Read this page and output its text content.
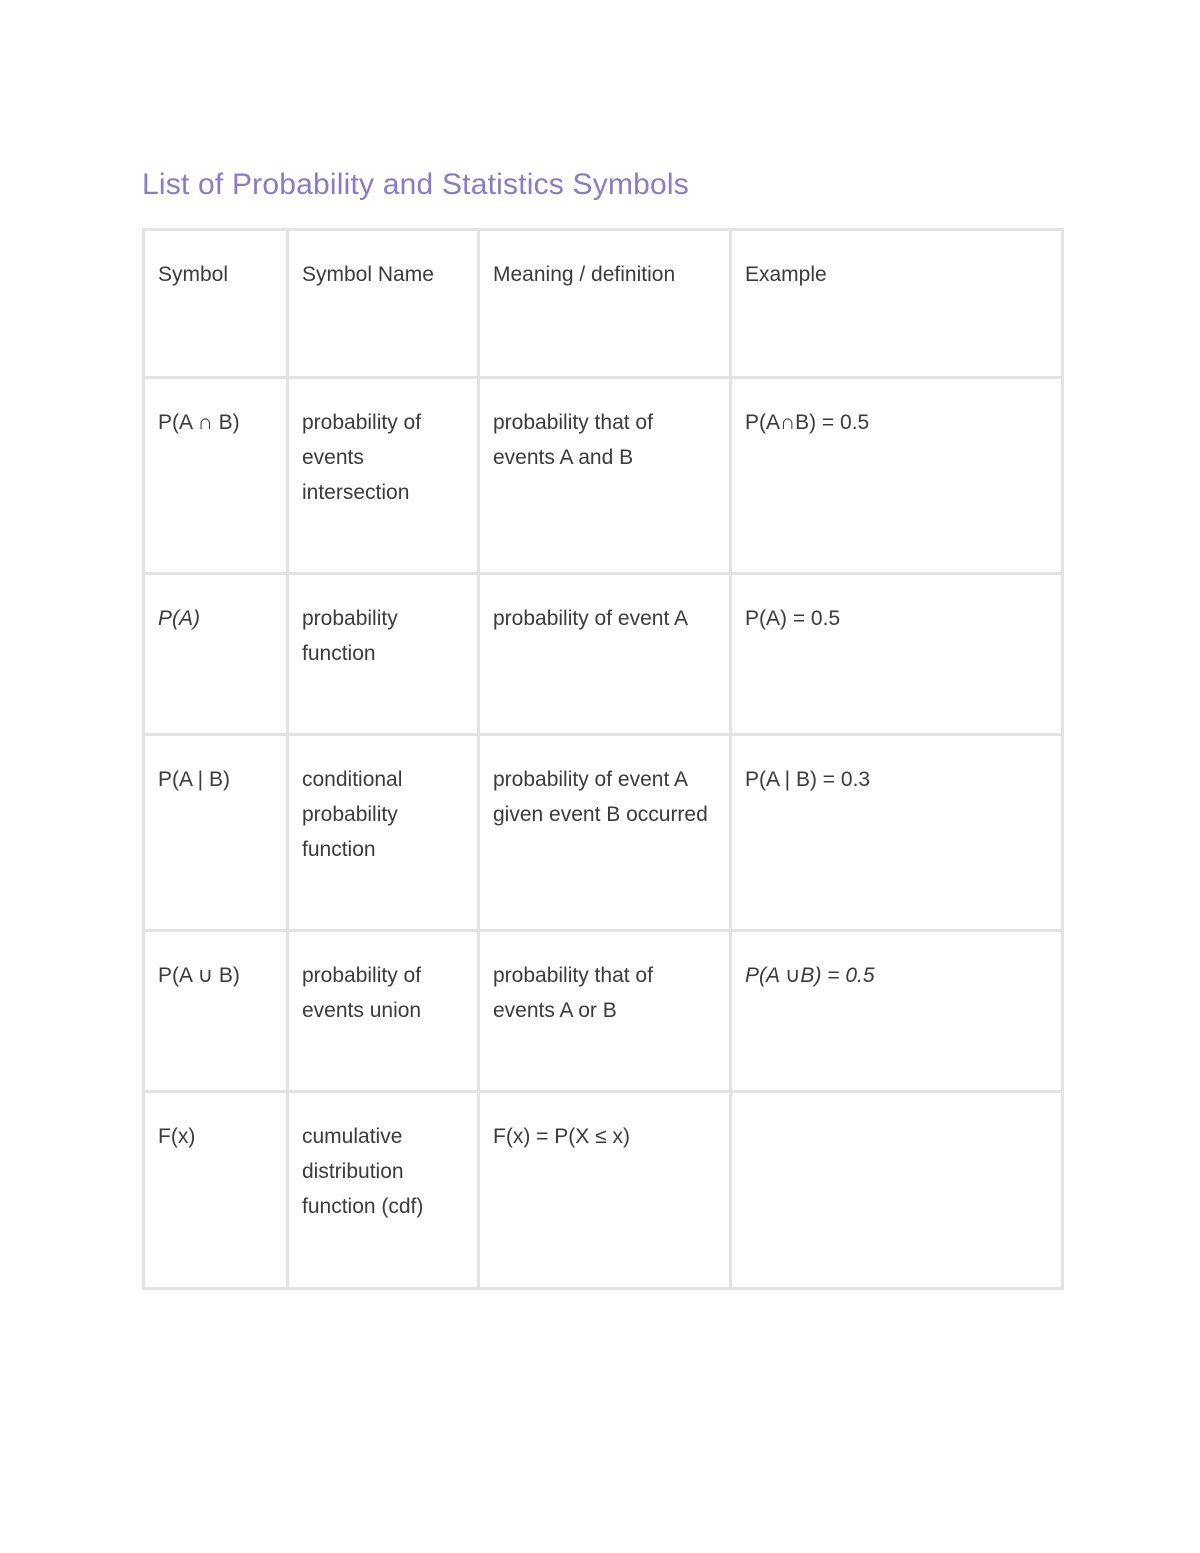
List of Probability and Statistics Symbols
Symbol	Symbol Name	Meaning / definition	Example
P(A ∩ B)	probability of events intersection	probability that of events A and B	P(A∩B) = 0.5
P(A)	probability function	probability of event A	P(A) = 0.5
P(A | B)	conditional probability function	probability of event A given event B occurred	P(A | B) = 0.3
P(A ∪ B)	probability of events union	probability that of events A or B	P(A ∪B) = 0.5
F(x)	cumulative distribution function (cdf)	F(x) = P(X ≤ x)	
